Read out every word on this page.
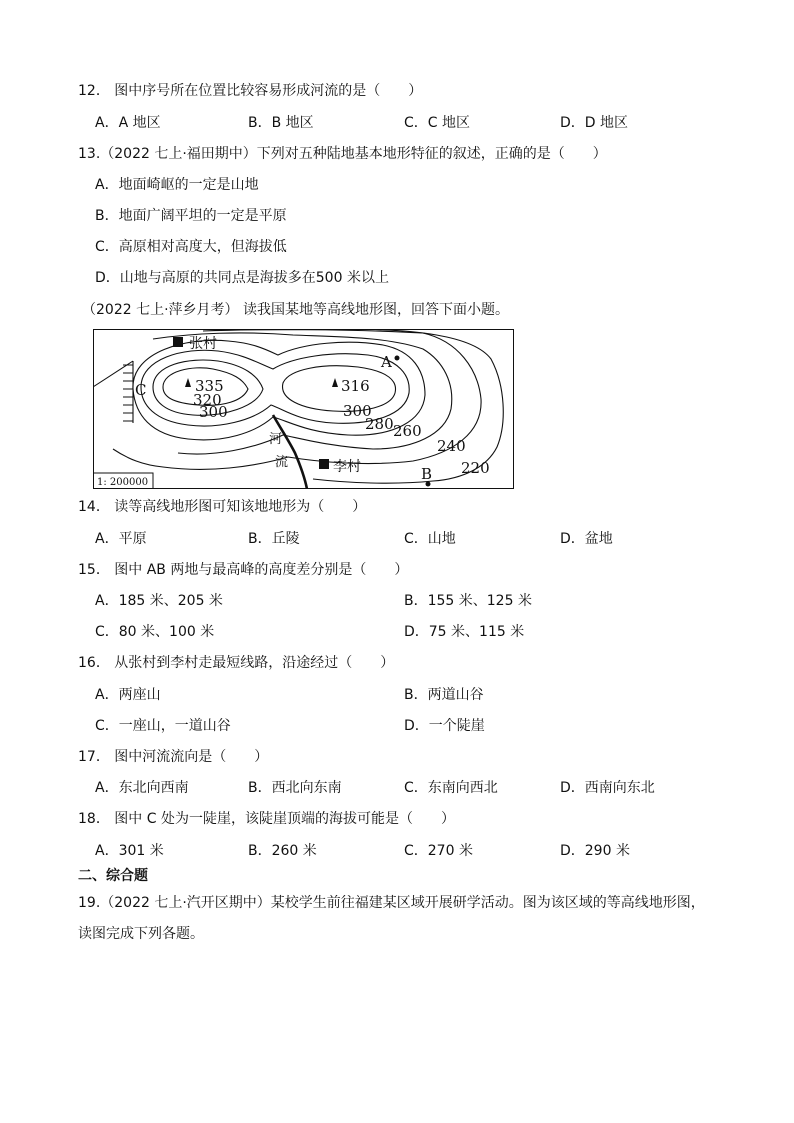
12． 图中序号所在位置比较容易形成河流的是（　　）
A．A 地区	B．B 地区	C．C 地区	D．D 地区
13.（2022 七上·福田期中）下列对五种陆地基本地形特征的叙述，正确的是（　　）
A．地面崎岖的一定是山地
B．地面广阔平坦的一定是平原
C．高原相对高度大，但海拔低
D．山地与高原的共同点是海拔多在500 米以上
（2022 七上·萍乡月考） 读我国某地等高线地形图，回答下面小题。
张村
李村
A
B
C	335	316
320
300	300
280 260
240
220
河
流
1: 200000
14． 读等高线地形图可知该地地形为（　　）
A．平原	B．丘陵	C．山地	D．盆地
15． 图中 AB 两地与最高峰的高度差分别是（　　）
A．185 米、205 米	B．155 米、125 米
C．80 米、100 米	D．75 米、115 米
16． 从张村到李村走最短线路，沿途经过（　　）
A．两座山	B．两道山谷
C．一座山，一道山谷	D．一个陡崖
17． 图中河流流向是（　　）
A．东北向西南	B．西北向东南	C．东南向西北	D．西南向东北
18． 图中 C 处为一陡崖，该陡崖顶端的海拔可能是（　　）
A．301 米	B．260 米	C．270 米	D．290 米
二、综合题
19.（2022 七上·汽开区期中）某校学生前往福建某区域开展研学活动。图为该区域的等高线地形图，
读图完成下列各题。
